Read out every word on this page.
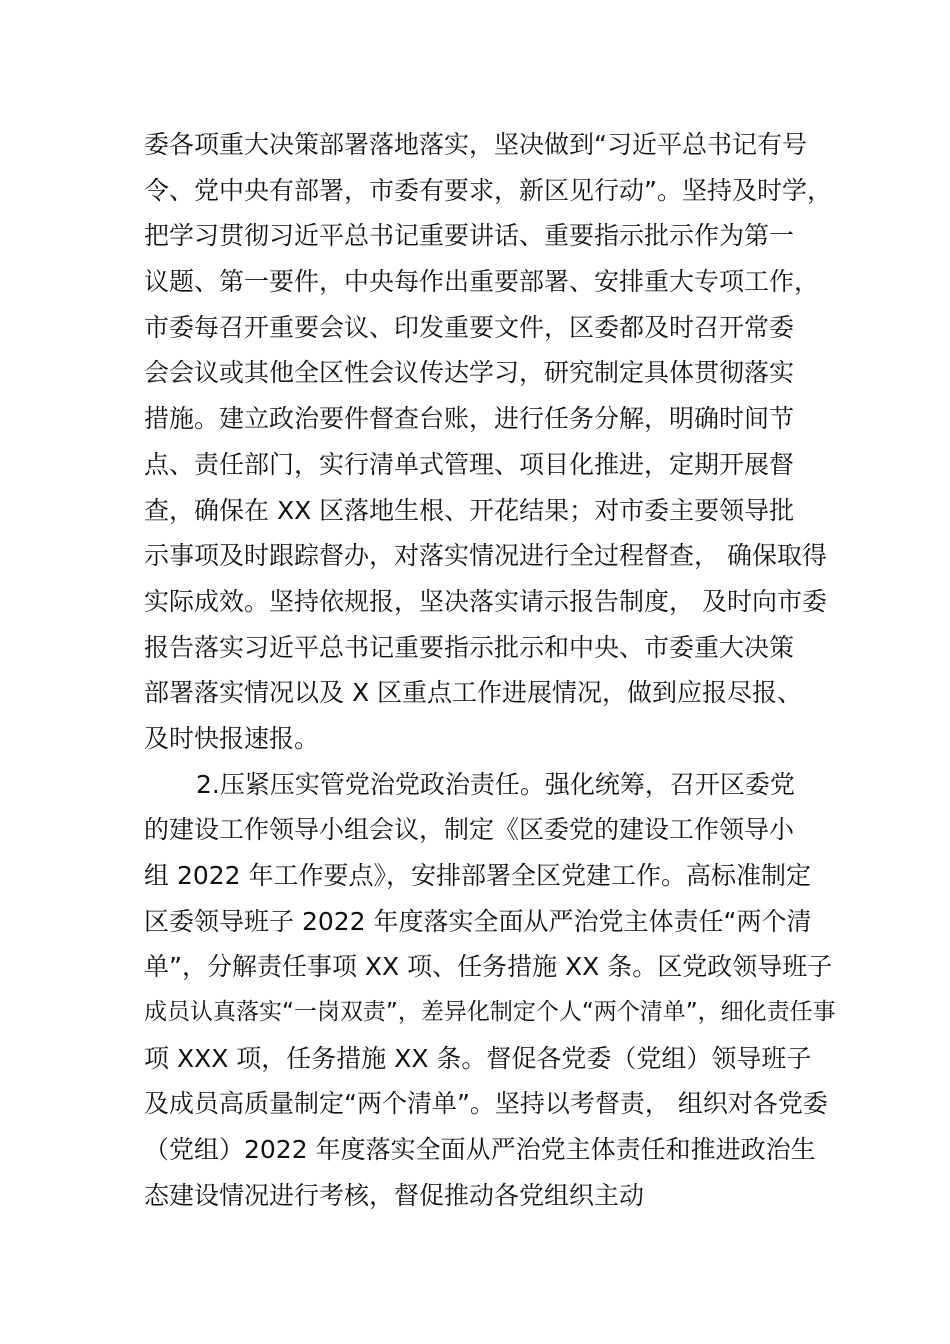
委各项重大决策部署落地落实，坚决做到“习近平总书记有号
令、党中央有部署，市委有要求，新区见行动”。坚持及时学，
把学习贯彻习近平总书记重要讲话、重要指示批示作为第一
议题、第一要件，中央每作出重要部署、安排重大专项工作，
市委每召开重要会议、印发重要文件，区委都及时召开常委
会会议或其他全区性会议传达学习，研究制定具体贯彻落实
措施。建立政治要件督查台账，进行任务分解，明确时间节
点、责任部门，实行清单式管理、项目化推进，定期开展督
查，确保在 XX 区落地生根、开花结果；对市委主要领导批
示事项及时跟踪督办，对落实情况进行全过程督查， 确保取得
实际成效。坚持依规报，坚决落实请示报告制度， 及时向市委
报告落实习近平总书记重要指示批示和中央、市委重大决策
部署落实情况以及 X 区重点工作进展情况，做到应报尽报、
及时快报速报。
2.压紧压实管党治党政治责任。强化统筹，召开区委党
的建设工作领导小组会议，制定《区委党的建设工作领导小
组 2022 年工作要点》，安排部署全区党建工作。高标准制定
区委领导班子 2022 年度落实全面从严治党主体责任“两个清
单”，分解责任事项 XX 项、任务措施 XX 条。区党政领导班子
成员认真落实“一岗双责”，差异化制定个人“两个清单”，细化责任事
项 XXX 项，任务措施 XX 条。督促各党委（党组）领导班子
及成员高质量制定“两个清单”。坚持以考督责， 组织对各党委
（党组）2022 年度落实全面从严治党主体责任和推进政治生
态建设情况进行考核，督促推动各党组织主动
